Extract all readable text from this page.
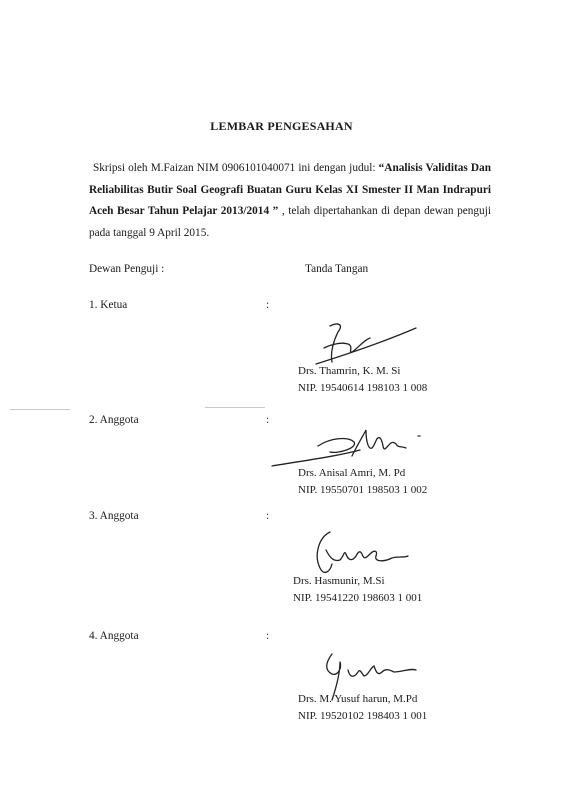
LEMBAR PENGESAHAN
Skripsi oleh M.Faizan NIM 0906101040071 ini dengan judul: “Analisis Validitas Dan Reliabilitas Butir Soal Geografi Buatan Guru Kelas XI Smester II Man Indrapuri Aceh Besar Tahun Pelajar 2013/2014 ” , telah dipertahankan di depan dewan penguji pada tanggal 9 April 2015.
Dewan Penguji :	Tanda Tangan
1. Ketua	:
Drs. Thamrin, K. M. Si
NIP. 19540614 198103 1 008
2. Anggota	:
Drs. Anisal Amri, M. Pd
NIP. 19550701 198503 1 002
3. Anggota	:
Drs. Hasmunir, M.Si
NIP. 19541220 198603 1 001
4. Anggota	:
Drs. M. Yusuf harun, M.Pd
NIP. 19520102 198403 1 001
